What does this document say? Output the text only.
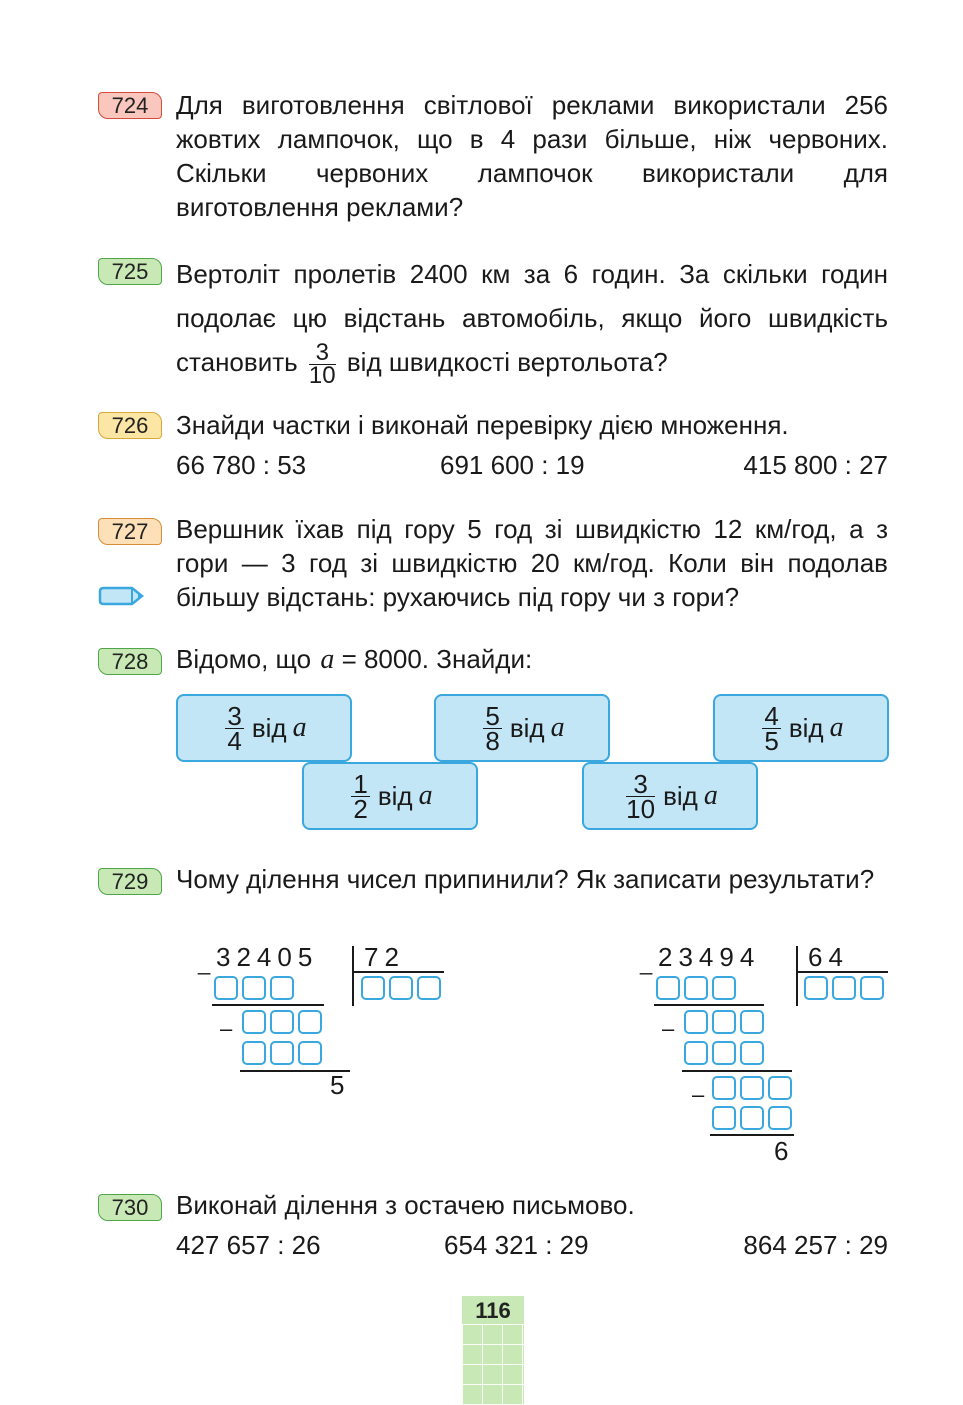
724	Для виготовлення світлової реклами використали 256 жовтих лампочок, що в 4 рази більше, ніж червоних. Скільки червоних лампочок використали для виготовлення реклами?
725	Вертоліт пролетів 2400 км за 6 годин. За скільки годин подолає цю відстань автомобіль, якщо його швидкість становить $\frac{3}{10}$ від швидкості вертольота?
726	Знайди частки і виконай перевірку дією множення.
66 780 : 53	691 600 : 19	415 800 : 27
727	Вершник їхав під гору 5 год зі швидкістю 12 км/год, а з гори — 3 год зі швидкістю 20 км/год. Коли він подолав більшу відстань: рухаючись під гору чи з гори?
728	Відомо, що a = 8000. Знайди:
$\frac{3}{4}$ від a	$\frac{5}{8}$ від a	$\frac{4}{5}$ від a
$\frac{1}{2}$ від a	$\frac{3}{10}$ від a
729	Чому ділення чисел припинили? Як записати результати?
_ 32405 72
–
5
_ 23494 64
–
–
6
730	Виконай ділення з остачею письмово.
427 657 : 26	654 321 : 29	864 257 : 29
116
